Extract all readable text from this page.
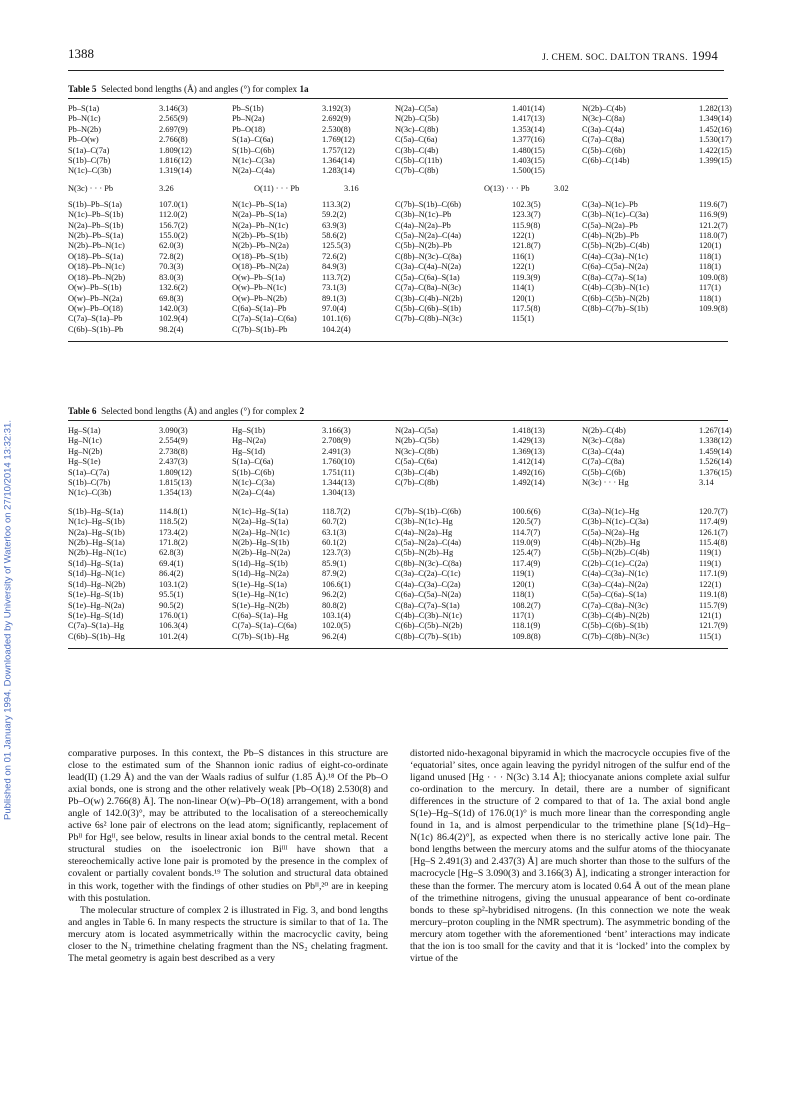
1388	J. CHEM. SOC. DALTON TRANS. 1994
Published on 01 January 1994. Downloaded by University of Waterloo on 27/10/2014 13:32:31.
Table 5 Selected bond lengths (Å) and angles (°) for complex 1a
Pb–S(1a)	3.146(3)	Pb–S(1b)	3.192(3)	N(2a)–C(5a)	1.401(14)	N(2b)–C(4b)	1.282(13)
Pb–N(1c)	2.565(9)	Pb–N(2a)	2.692(9)	N(2b)–C(5b)	1.417(13)	N(3c)–C(8a)	1.349(14)
Pb–N(2b)	2.697(9)	Pb–O(18)	2.530(8)	N(3c)–C(8b)	1.353(14)	C(3a)–C(4a)	1.452(16)
Pb–O(w)	2.766(8)	S(1a)–C(6a)	1.769(12)	C(5a)–C(6a)	1.377(16)	C(7a)–C(8a)	1.530(17)
S(1a)–C(7a)	1.809(12)	S(1b)–C(6b)	1.757(12)	C(3b)–C(4b)	1.480(15)	C(5b)–C(6b)	1.422(15)
S(1b)–C(7b)	1.816(12)	N(1c)–C(3a)	1.364(14)	C(5b)–C(11b)	1.403(15)	C(6b)–C(14b)	1.399(15)
N(1c)–C(3b)	1.319(14)	N(2a)–C(4a)	1.283(14)	C(7b)–C(8b)	1.500(15)
N(3c) · · · Pb	3.26	O(11) · · · Pb	3.16	O(13) · · · Pb	3.02
S(1b)–Pb–S(1a)	107.0(1)	N(1c)–Pb–S(1a)	113.3(2)	C(7b)–S(1b)–C(6b)	102.3(5)	C(3a)–N(1c)–Pb	119.6(7)
N(1c)–Pb–S(1b)	112.0(2)	N(2a)–Pb–S(1a)	59.2(2)	C(3b)–N(1c)–Pb	123.3(7)	C(3b)–N(1c)–C(3a)	116.9(9)
N(2a)–Pb–S(1b)	156.7(2)	N(2a)–Pb–N(1c)	63.9(3)	C(4a)–N(2a)–Pb	115.9(8)	C(5a)–N(2a)–Pb	121.2(7)
N(2b)–Pb–S(1a)	155.0(2)	N(2b)–Pb–S(1b)	58.6(2)	C(5a)–N(2a)–C(4a)	122(1)	C(4b)–N(2b)–Pb	118.0(7)
N(2b)–Pb–N(1c)	62.0(3)	N(2b)–Pb–N(2a)	125.5(3)	C(5b)–N(2b)–Pb	121.8(7)	C(5b)–N(2b)–C(4b)	120(1)
O(18)–Pb–S(1a)	72.8(2)	O(18)–Pb–S(1b)	72.6(2)	C(8b)–N(3c)–C(8a)	116(1)	C(4a)–C(3a)–N(1c)	118(1)
O(18)–Pb–N(1c)	70.3(3)	O(18)–Pb–N(2a)	84.9(3)	C(3a)–C(4a)–N(2a)	122(1)	C(6a)–C(5a)–N(2a)	118(1)
O(18)–Pb–N(2b)	83.0(3)	O(w)–Pb–S(1a)	113.7(2)	C(5a)–C(6a)–S(1a)	119.3(9)	C(8a)–C(7a)–S(1a)	109.0(8)
O(w)–Pb–S(1b)	132.6(2)	O(w)–Pb–N(1c)	73.1(3)	C(7a)–C(8a)–N(3c)	114(1)	C(4b)–C(3b)–N(1c)	117(1)
O(w)–Pb–N(2a)	69.8(3)	O(w)–Pb–N(2b)	89.1(3)	C(3b)–C(4b)–N(2b)	120(1)	C(6b)–C(5b)–N(2b)	118(1)
O(w)–Pb–O(18)	142.0(3)	C(6a)–S(1a)–Pb	97.0(4)	C(5b)–C(6b)–S(1b)	117.5(8)	C(8b)–C(7b)–S(1b)	109.9(8)
C(7a)–S(1a)–Pb	102.9(4)	C(7a)–S(1a)–C(6a)	101.1(6)	C(7b)–C(8b)–N(3c)	115(1)
C(6b)–S(1b)–Pb	98.2(4)	C(7b)–S(1b)–Pb	104.2(4)
Table 6 Selected bond lengths (Å) and angles (°) for complex 2
Hg–S(1a)	3.090(3)	Hg–S(1b)	3.166(3)	N(2a)–C(5a)	1.418(13)	N(2b)–C(4b)	1.267(14)
Hg–N(1c)	2.554(9)	Hg–N(2a)	2.708(9)	N(2b)–C(5b)	1.429(13)	N(3c)–C(8a)	1.338(12)
Hg–N(2b)	2.738(8)	Hg–S(1d)	2.491(3)	N(3c)–C(8b)	1.369(13)	C(3a)–C(4a)	1.459(14)
Hg–S(1e)	2.437(3)	S(1a)–C(6a)	1.760(10)	C(5a)–C(6a)	1.412(14)	C(7a)–C(8a)	1.526(14)
S(1a)–C(7a)	1.809(12)	S(1b)–C(6b)	1.751(11)	C(3b)–C(4b)	1.492(16)	C(5b)–C(6b)	1.376(15)
S(1b)–C(7b)	1.815(13)	N(1c)–C(3a)	1.344(13)	C(7b)–C(8b)	1.492(14)	N(3c) · · · Hg	3.14
N(1c)–C(3b)	1.354(13)	N(2a)–C(4a)	1.304(13)
S(1b)–Hg–S(1a)	114.8(1)	N(1c)–Hg–S(1a)	118.7(2)	C(7b)–S(1b)–C(6b)	100.6(6)	C(3a)–N(1c)–Hg	120.7(7)
N(1c)–Hg–S(1b)	118.5(2)	N(2a)–Hg–S(1a)	60.7(2)	C(3b)–N(1c)–Hg	120.5(7)	C(3b)–N(1c)–C(3a)	117.4(9)
N(2a)–Hg–S(1b)	173.4(2)	N(2a)–Hg–N(1c)	63.1(3)	C(4a)–N(2a)–Hg	114.7(7)	C(5a)–N(2a)–Hg	126.1(7)
N(2b)–Hg–S(1a)	171.8(2)	N(2b)–Hg–S(1b)	60.1(2)	C(5a)–N(2a)–C(4a)	119.0(9)	C(4b)–N(2b)–Hg	115.4(8)
N(2b)–Hg–N(1c)	62.8(3)	N(2b)–Hg–N(2a)	123.7(3)	C(5b)–N(2b)–Hg	125.4(7)	C(5b)–N(2b)–C(4b)	119(1)
S(1d)–Hg–S(1a)	69.4(1)	S(1d)–Hg–S(1b)	85.9(1)	C(8b)–N(3c)–C(8a)	117.4(9)	C(2b)–C(1c)–C(2a)	119(1)
S(1d)–Hg–N(1c)	86.4(2)	S(1d)–Hg–N(2a)	87.9(2)	C(3a)–C(2a)–C(1c)	119(1)	C(4a)–C(3a)–N(1c)	117.1(9)
S(1d)–Hg–N(2b)	103.1(2)	S(1e)–Hg–S(1a)	106.6(1)	C(4a)–C(3a)–C(2a)	120(1)	C(3a)–C(4a)–N(2a)	122(1)
S(1e)–Hg–S(1b)	95.5(1)	S(1e)–Hg–N(1c)	96.2(2)	C(6a)–C(5a)–N(2a)	118(1)	C(5a)–C(6a)–S(1a)	119.1(8)
S(1e)–Hg–N(2a)	90.5(2)	S(1e)–Hg–N(2b)	80.8(2)	C(8a)–C(7a)–S(1a)	108.2(7)	C(7a)–C(8a)–N(3c)	115.7(9)
S(1e)–Hg–S(1d)	176.0(1)	C(6a)–S(1a)–Hg	103.1(4)	C(4b)–C(3b)–N(1c)	117(1)	C(3b)–C(4b)–N(2b)	121(1)
C(7a)–S(1a)–Hg	106.3(4)	C(7a)–S(1a)–C(6a)	102.0(5)	C(6b)–C(5b)–N(2b)	118.1(9)	C(5b)–C(6b)–S(1b)	121.7(9)
C(6b)–S(1b)–Hg	101.2(4)	C(7b)–S(1b)–Hg	96.2(4)	C(8b)–C(7b)–S(1b)	109.8(8)	C(7b)–C(8b)–N(3c)	115(1)

comparative purposes. In this context, the Pb–S distances in this structure are close to the estimated sum of the Shannon ionic radius of eight-co-ordinate lead(II) (1.29 Å) and the van der Waals radius of sulfur (1.85 Å).¹⁸ Of the Pb–O axial bonds, one is strong and the other relatively weak [Pb–O(18) 2.530(8) and Pb–O(w) 2.766(8) Å]. The non-linear O(w)–Pb–O(18) arrangement, with a bond angle of 142.0(3)°, may be attributed to the localisation of a stereochemically active 6s² lone pair of electrons on the lead atom; significantly, replacement of Pbᴵᴵ for Hgᴵᴵ, see below, results in linear axial bonds to the central metal. Recent structural studies on the isoelectronic ion Biᴵᴵᴵ have shown that a stereochemically active lone pair is promoted by the presence in the complex of covalent or partially covalent bonds.¹⁹ The solution and structural data obtained in this work, together with the findings of other studies on Pbᴵᴵ,²⁰ are in keeping with this postulation.

The molecular structure of complex 2 is illustrated in Fig. 3, and bond lengths and angles in Table 6. In many respects the structure is similar to that of 1a. The mercury atom is located asymmetrically within the macrocyclic cavity, being closer to the N₃ trimethine chelating fragment than the NS₂ chelating fragment. The metal geometry is again best described as a very

distorted nido-hexagonal bipyramid in which the macrocycle occupies five of the ‘equatorial’ sites, once again leaving the pyridyl nitrogen of the sulfur end of the ligand unused [Hg · · · N(3c) 3.14 Å]; thiocyanate anions complete axial sulfur co-ordination to the mercury. In detail, there are a number of significant differences in the structure of 2 compared to that of 1a. The axial bond angle S(1e)–Hg–S(1d) of 176.0(1)° is much more linear than the corresponding angle found in 1a, and is almost perpendicular to the trimethine plane [S(1d)–Hg–N(1c) 86.4(2)°], as expected when there is no sterically active lone pair. The bond lengths between the mercury atoms and the sulfur atoms of the thiocyanate [Hg–S 2.491(3) and 2.437(3) Å] are much shorter than those to the sulfurs of the macrocycle [Hg–S 3.090(3) and 3.166(3) Å], indicating a stronger interaction for these than the former. The mercury atom is located 0.64 Å out of the mean plane of the trimethine nitrogens, giving the unusual appearance of bent co-ordinate bonds to these sp²-hybridised nitrogens. (In this connection we note the weak mercury–proton coupling in the NMR spectrum). The asymmetric bonding of the mercury atom together with the aforementioned ‘bent’ interactions may indicate that the ion is too small for the cavity and that it is ‘locked’ into the complex by virtue of the
